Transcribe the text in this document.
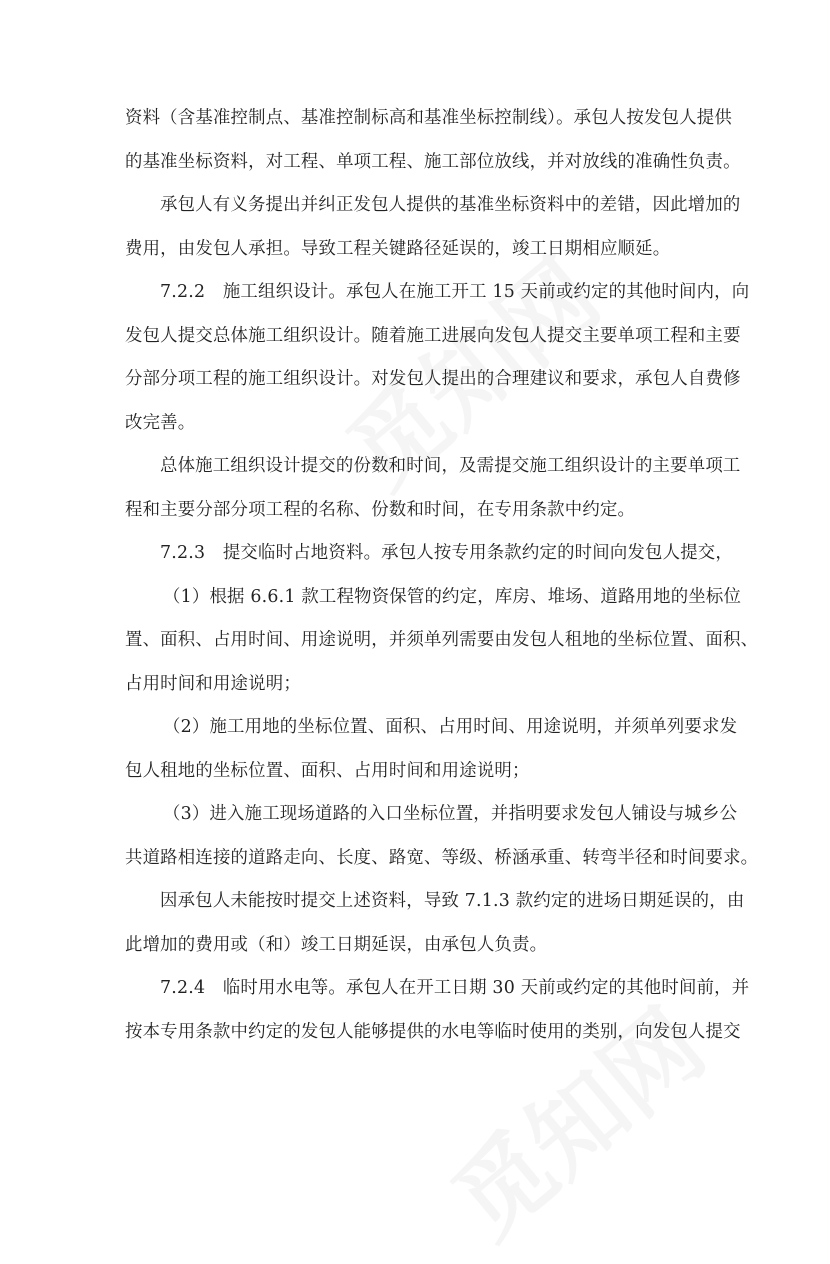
资料（含基准控制点、基准控制标高和基准坐标控制线）。承包人按发包人提供
的基准坐标资料，对工程、单项工程、施工部位放线，并对放线的准确性负责。
承包人有义务提出并纠正发包人提供的基准坐标资料中的差错，因此增加的
费用，由发包人承担。导致工程关键路径延误的，竣工日期相应顺延。
7.2.2　施工组织设计。承包人在施工开工 15 天前或约定的其他时间内，向
发包人提交总体施工组织设计。随着施工进展向发包人提交主要单项工程和主要
分部分项工程的施工组织设计。对发包人提出的合理建议和要求，承包人自费修
改完善。
总体施工组织设计提交的份数和时间，及需提交施工组织设计的主要单项工
程和主要分部分项工程的名称、份数和时间，在专用条款中约定。
7.2.3　提交临时占地资料。承包人按专用条款约定的时间向发包人提交，
（1）根据 6.6.1 款工程物资保管的约定，库房、堆场、道路用地的坐标位
置、面积、占用时间、用途说明，并须单列需要由发包人租地的坐标位置、面积、
占用时间和用途说明；
（2）施工用地的坐标位置、面积、占用时间、用途说明，并须单列要求发
包人租地的坐标位置、面积、占用时间和用途说明；
（3）进入施工现场道路的入口坐标位置，并指明要求发包人铺设与城乡公
共道路相连接的道路走向、长度、路宽、等级、桥涵承重、转弯半径和时间要求。
因承包人未能按时提交上述资料，导致 7.1.3 款约定的进场日期延误的，由
此增加的费用或（和）竣工日期延误，由承包人负责。
7.2.4　临时用水电等。承包人在开工日期 30 天前或约定的其他时间前，并
按本专用条款中约定的发包人能够提供的水电等临时使用的类别，向发包人提交
